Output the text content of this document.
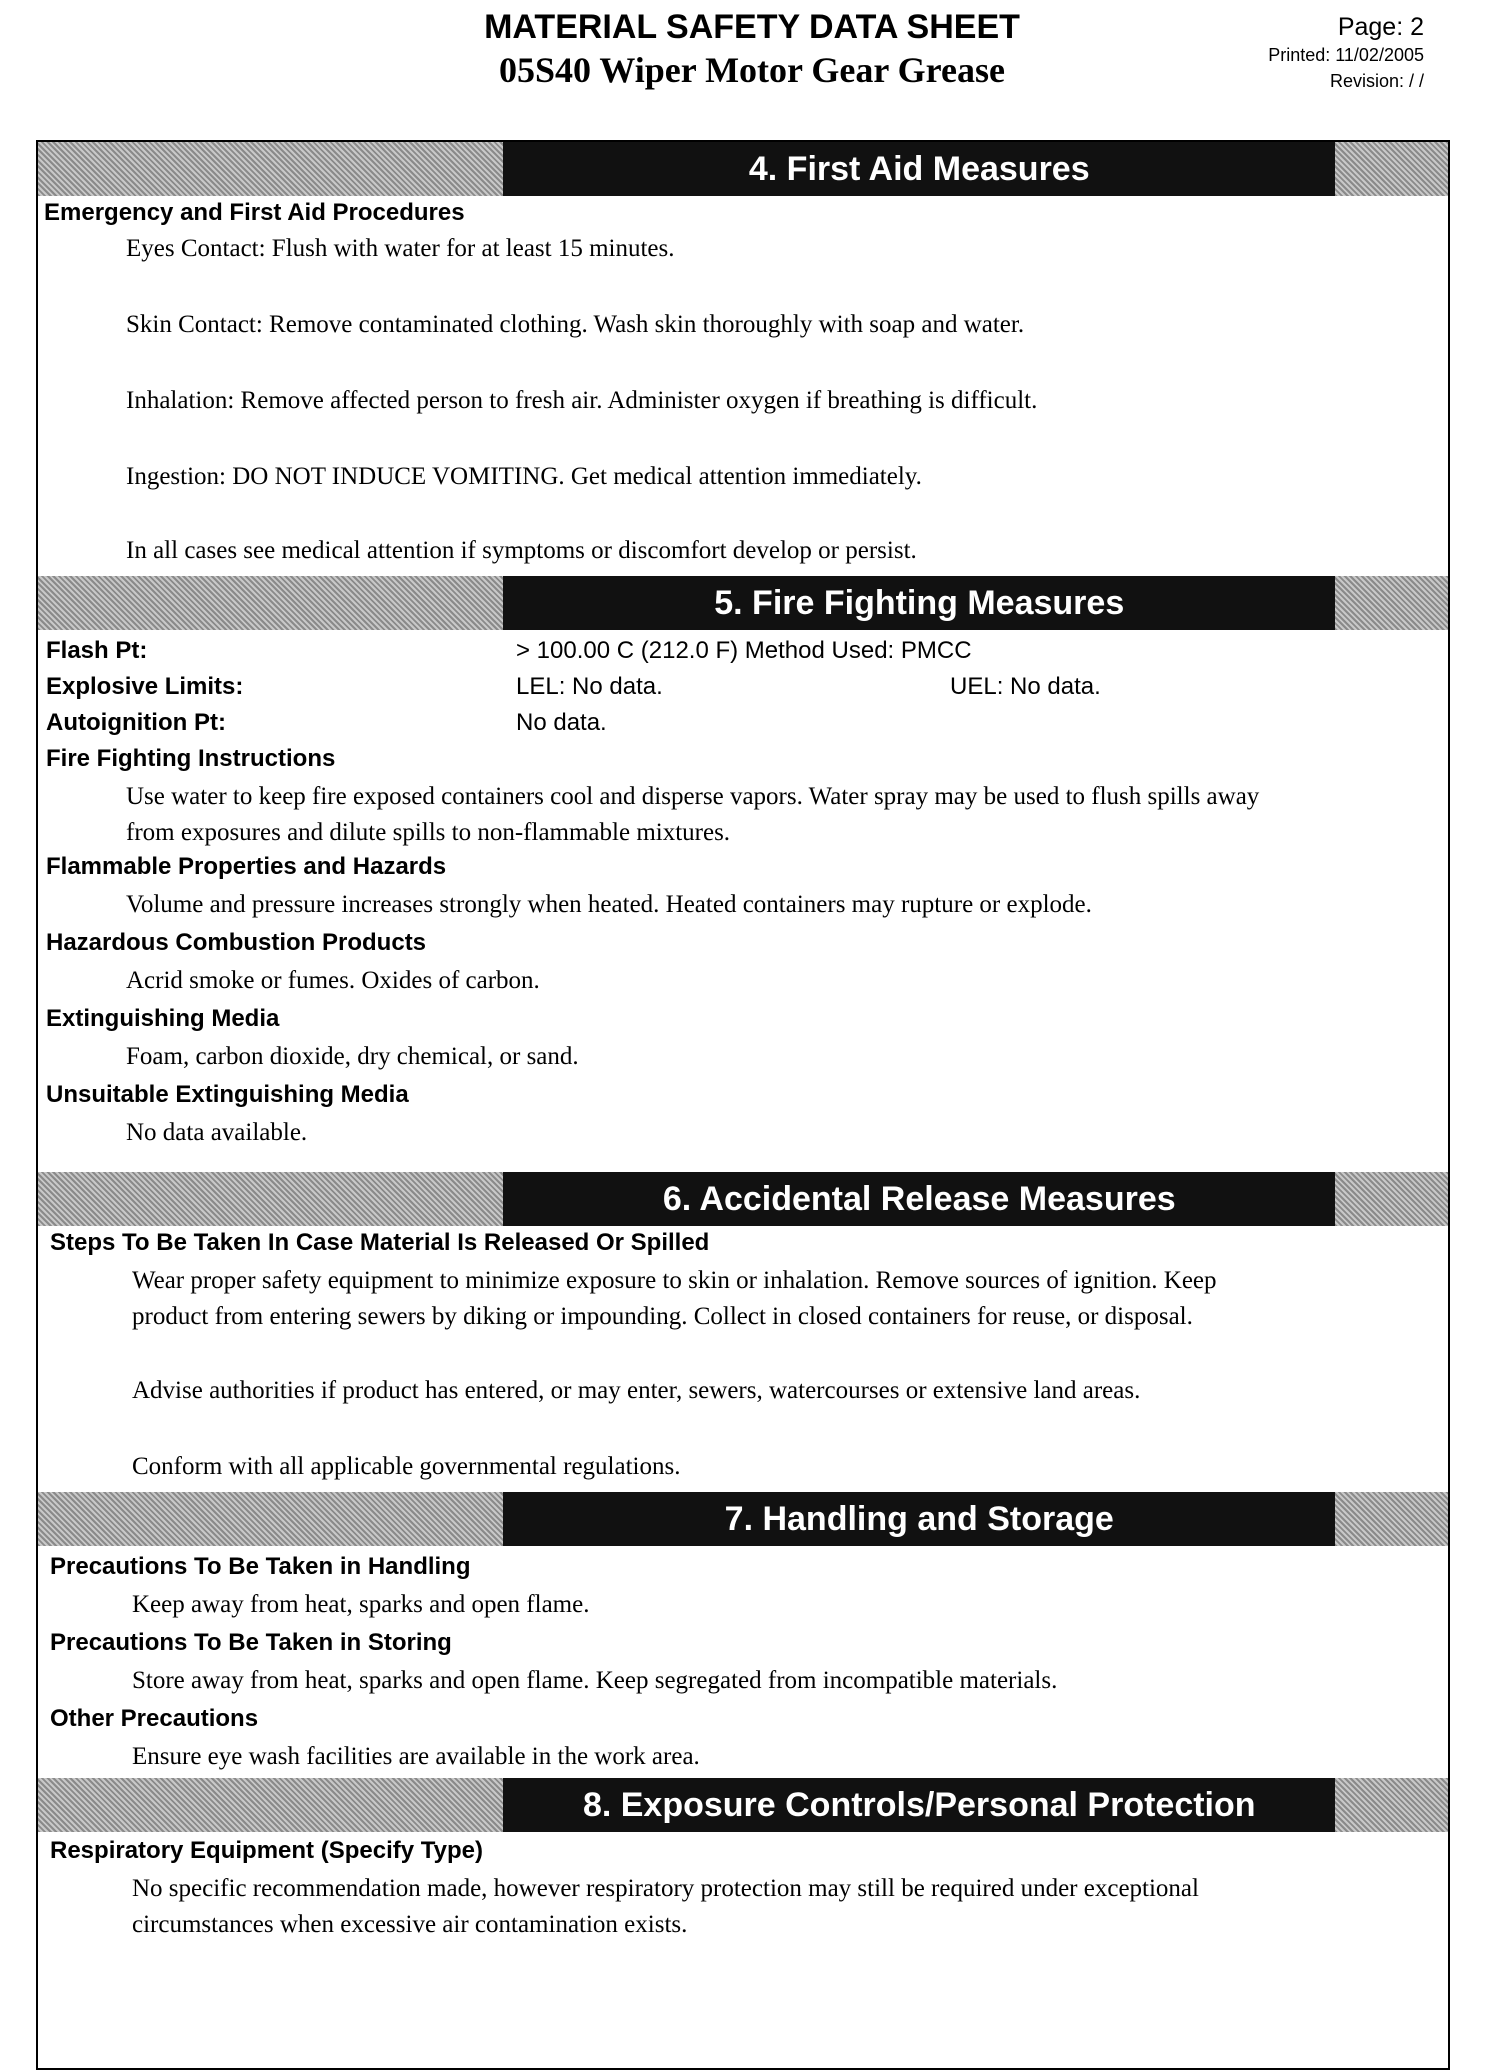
MATERIAL SAFETY DATA SHEET
05S40 Wiper Motor Gear Grease
Page: 2
Printed: 11/02/2005
Revision: / /
4. First Aid Measures
Emergency and First Aid Procedures
Eyes Contact: Flush with water for at least 15 minutes.
Skin Contact: Remove contaminated clothing. Wash skin thoroughly with soap and water.
Inhalation: Remove affected person to fresh air. Administer oxygen if breathing is difficult.
Ingestion: DO NOT INDUCE VOMITING. Get medical attention immediately.
In all cases see medical attention if symptoms or discomfort develop or persist.
5. Fire Fighting Measures
Flash Pt:	> 100.00 C (212.0 F) Method Used: PMCC
Explosive Limits:	LEL: No data.	UEL: No data.
Autoignition Pt:	No data.
Fire Fighting Instructions
Use water to keep fire exposed containers cool and disperse vapors. Water spray may be used to flush spills away
from exposures and dilute spills to non-flammable mixtures.
Flammable Properties and Hazards
Volume and pressure increases strongly when heated. Heated containers may rupture or explode.
Hazardous Combustion Products
Acrid smoke or fumes. Oxides of carbon.
Extinguishing Media
Foam, carbon dioxide, dry chemical, or sand.
Unsuitable Extinguishing Media
No data available.
6. Accidental Release Measures
Steps To Be Taken In Case Material Is Released Or Spilled
Wear proper safety equipment to minimize exposure to skin or inhalation. Remove sources of ignition. Keep
product from entering sewers by diking or impounding. Collect in closed containers for reuse, or disposal.
Advise authorities if product has entered, or may enter, sewers, watercourses or extensive land areas.
Conform with all applicable governmental regulations.
7. Handling and Storage
Precautions To Be Taken in Handling
Keep away from heat, sparks and open flame.
Precautions To Be Taken in Storing
Store away from heat, sparks and open flame. Keep segregated from incompatible materials.
Other Precautions
Ensure eye wash facilities are available in the work area.
8. Exposure Controls/Personal Protection
Respiratory Equipment (Specify Type)
No specific recommendation made, however respiratory protection may still be required under exceptional
circumstances when excessive air contamination exists.
